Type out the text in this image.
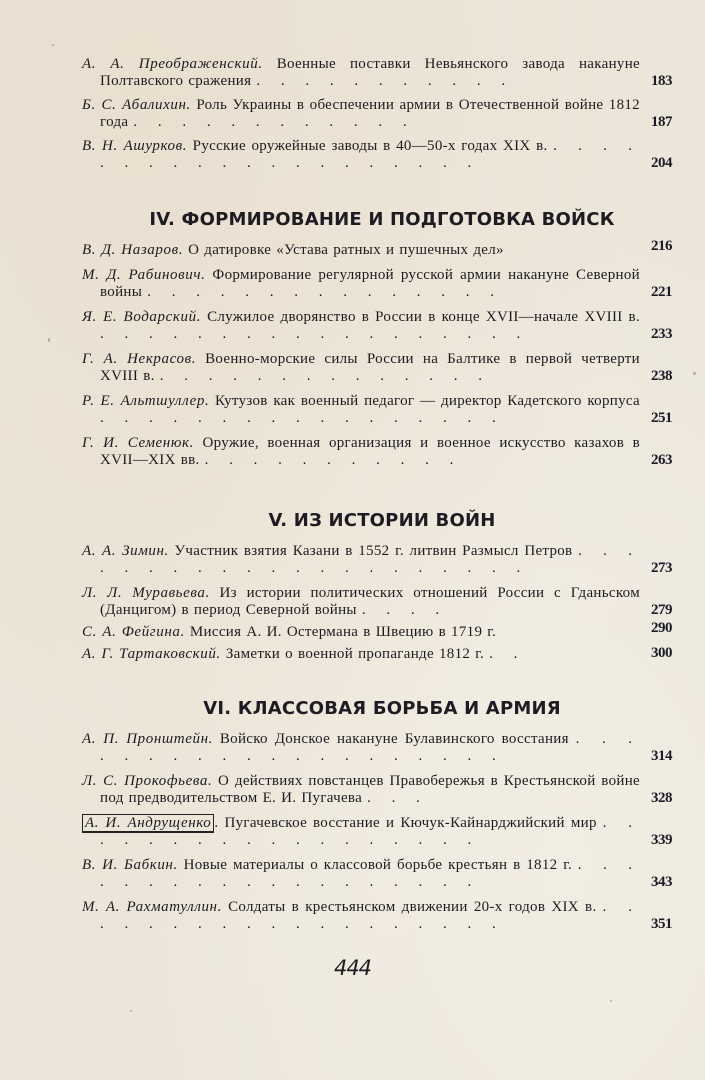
А. А. Преображенский. Военные поставки Невьянского завода накануне Полтавского сражения . . . . . . . . . . .	183
Б. С. Абалихин. Роль Украины в обеспечении армии в Отечественной войне 1812 года . . . . . . . . . . . .	187
В. Н. Ашурков. Русские оружейные заводы в 40—50-х годах XIX в. . . . . . . . . . . . . . . . . . . . .	204
IV. ФОРМИРОВАНИЕ И ПОДГОТОВКА ВОЙСК
В. Д. Назаров. О датировке «Устава ратных и пушечных дел»	216
М. Д. Рабинович. Формирование регулярной русской армии накануне Северной войны . . . . . . . . . . . . . . .	221
Я. Е. Водарский. Служилое дворянство в России в конце XVII—начале XVIII в. . . . . . . . . . . . . . . . . . .	233
Г. А. Некрасов. Военно-морские силы России на Балтике в первой четверти XVIII в. . . . . . . . . . . . . . .	238
Р. Е. Альтшуллер. Кутузов как военный педагог — директор Кадетского корпуса . . . . . . . . . . . . . . . . .	251
Г. И. Семенюк. Оружие, военная организация и военное искусство казахов в XVII—XIX вв. . . . . . . . . . . .	263
V. ИЗ ИСТОРИИ ВОЙН
А. А. Зимин. Участник взятия Казани в 1552 г. литвин Размысл Петров . . . . . . . . . . . . . . . . . . . . .	273
Л. Л. Муравьева. Из истории политических отношений России с Гданьском (Данцигом) в период Северной войны . . . .	279
С. А. Фейгина. Миссия А. И. Остермана в Швецию в 1719 г.	290
А. Г. Тартаковский. Заметки о военной пропаганде 1812 г. . .	300
VI. КЛАССОВАЯ БОРЬБА И АРМИЯ
А. П. Пронштейн. Войско Донское накануне Булавинского восстания . . . . . . . . . . . . . . . . . . . .	314
Л. С. Прокофьева. О действиях повстанцев Правобережья в Крестьянской войне под предводительством Е. И. Пугачева . . .	328
А. И. Андрущенко . Пугачевское восстание и Кючук-Кайнарджийский мир . . . . . . . . . . . . . . . . . .	339
В. И. Бабкин. Новые материалы о классовой борьбе крестьян в 1812 г. . . . . . . . . . . . . . . . . . . .	343
М. А. Рахматуллин. Солдаты в крестьянском движении 20-х годов XIX в. . . . . . . . . . . . . . . . . . . .	351
444
